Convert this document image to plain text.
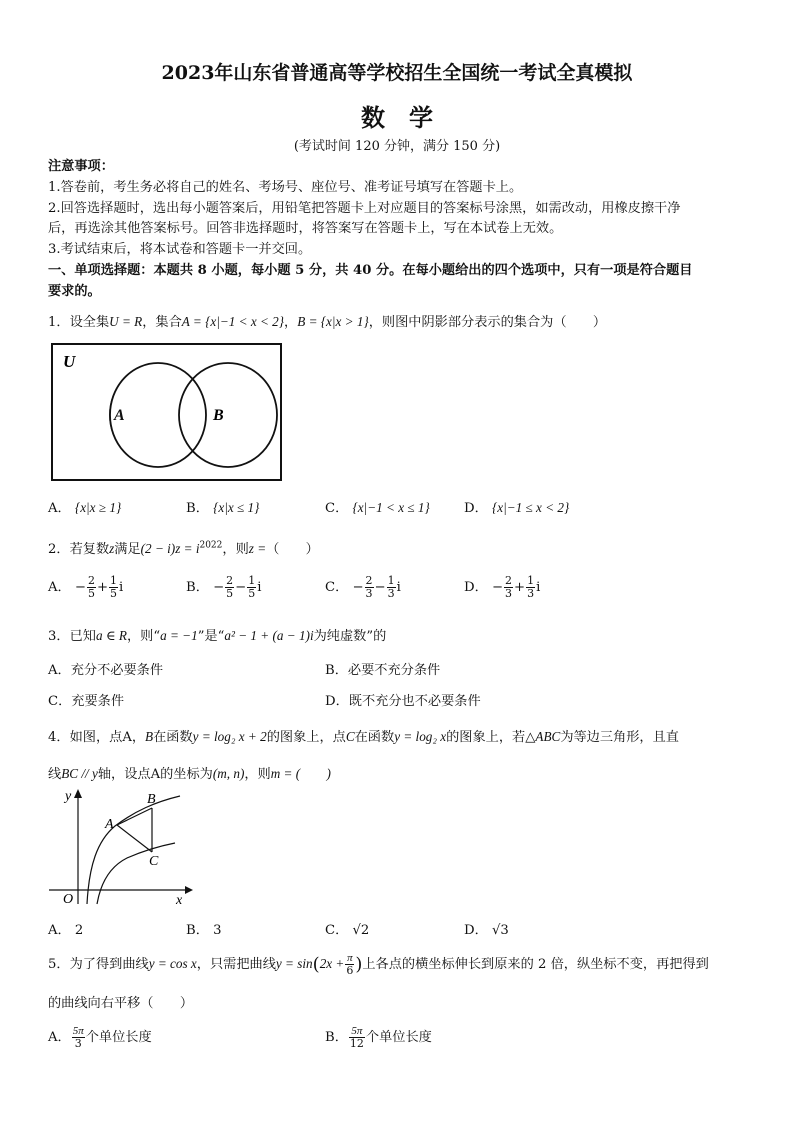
2023年山东省普通高等学校招生全国统一考试全真模拟
数学
(考试时间 120 分钟，满分 150 分)
注意事项：
1.答卷前，考生务必将自己的姓名、考场号、座位号、准考证号填写在答题卡上。
2.回答选择题时，选出每小题答案后，用铅笔把答题卡上对应题目的答案标号涂黑，如需改动，用橡皮擦干净
后，再选涂其他答案标号。回答非选择题时，将答案写在答题卡上，写在本试卷上无效。
3.考试结束后，将本试卷和答题卡一并交回。
一、单项选择题：本题共 8 小题，每小题 5 分，共 40 分。在每小题给出的四个选项中，只有一项是符合题目
要求的。
1．设全集U = R，集合A = {x|−1 < x < 2}，B = {x|x > 1}，则图中阴影部分表示的集合为（　　）
U
A	B
A． {x|x ≥ 1}	B． {x|x ≤ 1}	C． {x|−1 < x ≤ 1}	D． {x|−1 ≤ x < 2}
2．若复数z满足$(2 - i)z = i^{2022}$，则z =（　　）
A． − $\frac{2}{5} + \frac{1}{5}$ i	B． − $\frac{2}{5} - \frac{1}{5}$ i	C． − $\frac{2}{3} - \frac{1}{3}$ i	D． − $\frac{2}{3} + \frac{1}{3}$ i
3．已知a ∈ R，则“a = −1”是“a² − 1 + (a − 1)i为纯虚数”的
A．充分不必要条件	B．必要不充分条件
C．充要条件	D．既不充分也不必要条件
4．如图，点A，B在函数y = log₂ x + 2的图象上，点C在函数y = log₂ x的图象上，若△ABC为等边三角形，且直
线BC // y轴，设点A的坐标为(m, n)，则m = (　　)
y
x
O
A
B
C
A． 2	B． 3	C． √2	D． √3
5．为了得到曲线y = cos x，只需把曲线$y = \sin(2x + \frac{\pi}{6}$ )上各点的横坐标伸长到原来的 2 倍，纵坐标不变，再把得到
的曲线向右平移（　　）
A． $\frac{5\pi}{3}$ 个单位长度	B． $\frac{5\pi}{12}$ 个单位长度
